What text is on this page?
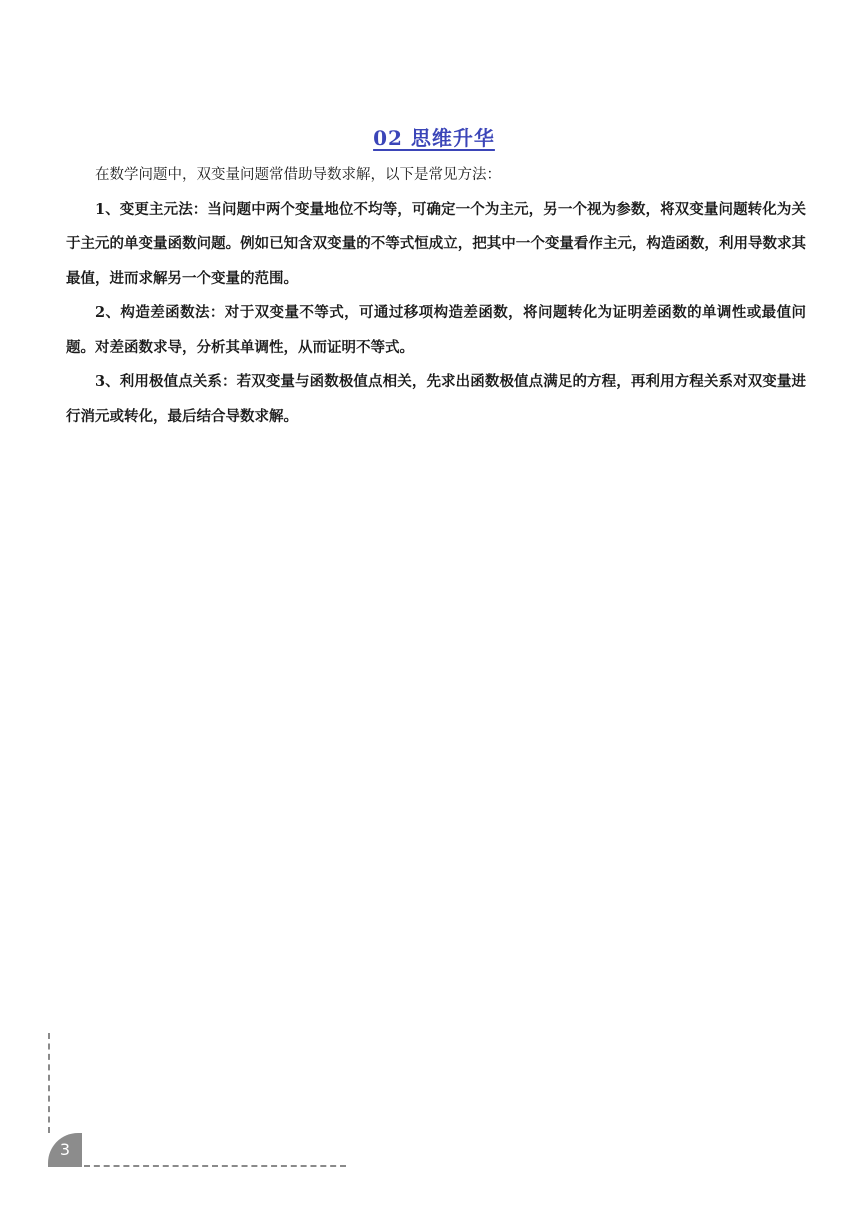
02 思维升华

在数学问题中，双变量问题常借助导数求解，以下是常见方法：

1、变更主元法：当问题中两个变量地位不均等，可确定一个为主元，另一个视为参数，将双变量问题转化为关于主元的单变量函数问题。例如已知含双变量的不等式恒成立，把其中一个变量看作主元，构造函数，利用导数求其最值，进而求解另一个变量的范围。

2、构造差函数法：对于双变量不等式，可通过移项构造差函数，将问题转化为证明差函数的单调性或最值问题。对差函数求导，分析其单调性，从而证明不等式。

3、利用极值点关系：若双变量与函数极值点相关，先求出函数极值点满足的方程，再利用方程关系对双变量进行消元或转化，最后结合导数求解。

3
